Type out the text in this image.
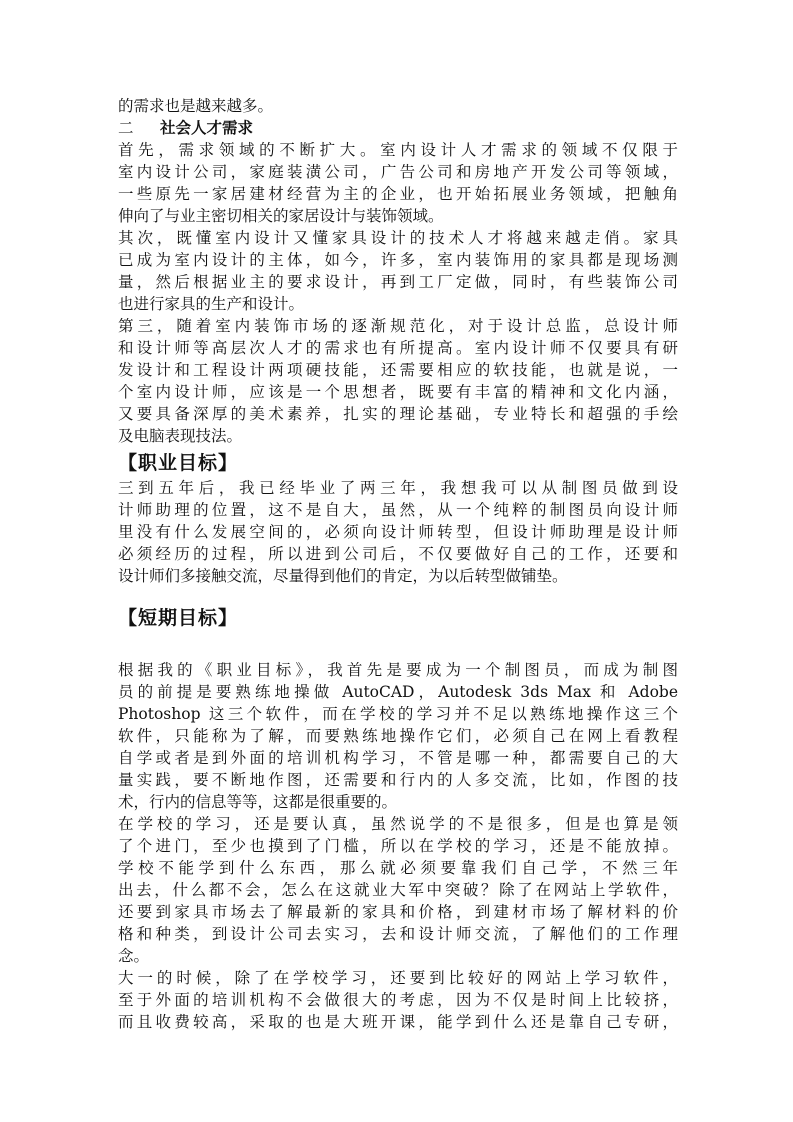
的需求也是越来越多。
二 社会人才需求
首先，需求领域的不断扩大。室内设计人才需求的领域不仅限于
室内设计公司，家庭装潢公司，广告公司和房地产开发公司等领域，
一些原先一家居建材经营为主的企业，也开始拓展业务领域，把触角
伸向了与业主密切相关的家居设计与装饰领域。
其次，既懂室内设计又懂家具设计的技术人才将越来越走俏。家具
已成为室内设计的主体，如今，许多，室内装饰用的家具都是现场测
量，然后根据业主的要求设计，再到工厂定做，同时，有些装饰公司
也进行家具的生产和设计。
第三，随着室内装饰市场的逐渐规范化，对于设计总监，总设计师
和设计师等高层次人才的需求也有所提高。室内设计师不仅要具有研
发设计和工程设计两项硬技能，还需要相应的软技能，也就是说，一
个室内设计师，应该是一个思想者，既要有丰富的精神和文化内涵，
又要具备深厚的美术素养，扎实的理论基础，专业特长和超强的手绘
及电脑表现技法。
【职业目标】
三到五年后，我已经毕业了两三年，我想我可以从制图员做到设
计师助理的位置，这不是自大，虽然，从一个纯粹的制图员向设计师
里没有什么发展空间的，必须向设计师转型，但设计师助理是设计师
必须经历的过程，所以进到公司后，不仅要做好自己的工作，还要和
设计师们多接触交流，尽量得到他们的肯定，为以后转型做铺垫。
【短期目标】
根据我的《职业目标》，我首先是要成为一个制图员，而成为制图
员的前提是要熟练地操做 AutoCAD，Autodesk 3ds Max 和 Adobe
Photoshop 这三个软件，而在学校的学习并不足以熟练地操作这三个
软件，只能称为了解，而要熟练地操作它们，必须自己在网上看教程
自学或者是到外面的培训机构学习，不管是哪一种，都需要自己的大
量实践，要不断地作图，还需要和行内的人多交流，比如，作图的技
术，行内的信息等等，这都是很重要的。
在学校的学习，还是要认真，虽然说学的不是很多，但是也算是领
了个进门，至少也摸到了门槛，所以在学校的学习，还是不能放掉。
学校不能学到什么东西，那么就必须要靠我们自己学，不然三年
出去，什么都不会，怎么在这就业大军中突破？除了在网站上学软件，
还要到家具市场去了解最新的家具和价格，到建材市场了解材料的价
格和种类，到设计公司去实习，去和设计师交流，了解他们的工作理
念。
大一的时候，除了在学校学习，还要到比较好的网站上学习软件，
至于外面的培训机构不会做很大的考虑，因为不仅是时间上比较挤，
而且收费较高，采取的也是大班开课，能学到什么还是靠自己专研，
